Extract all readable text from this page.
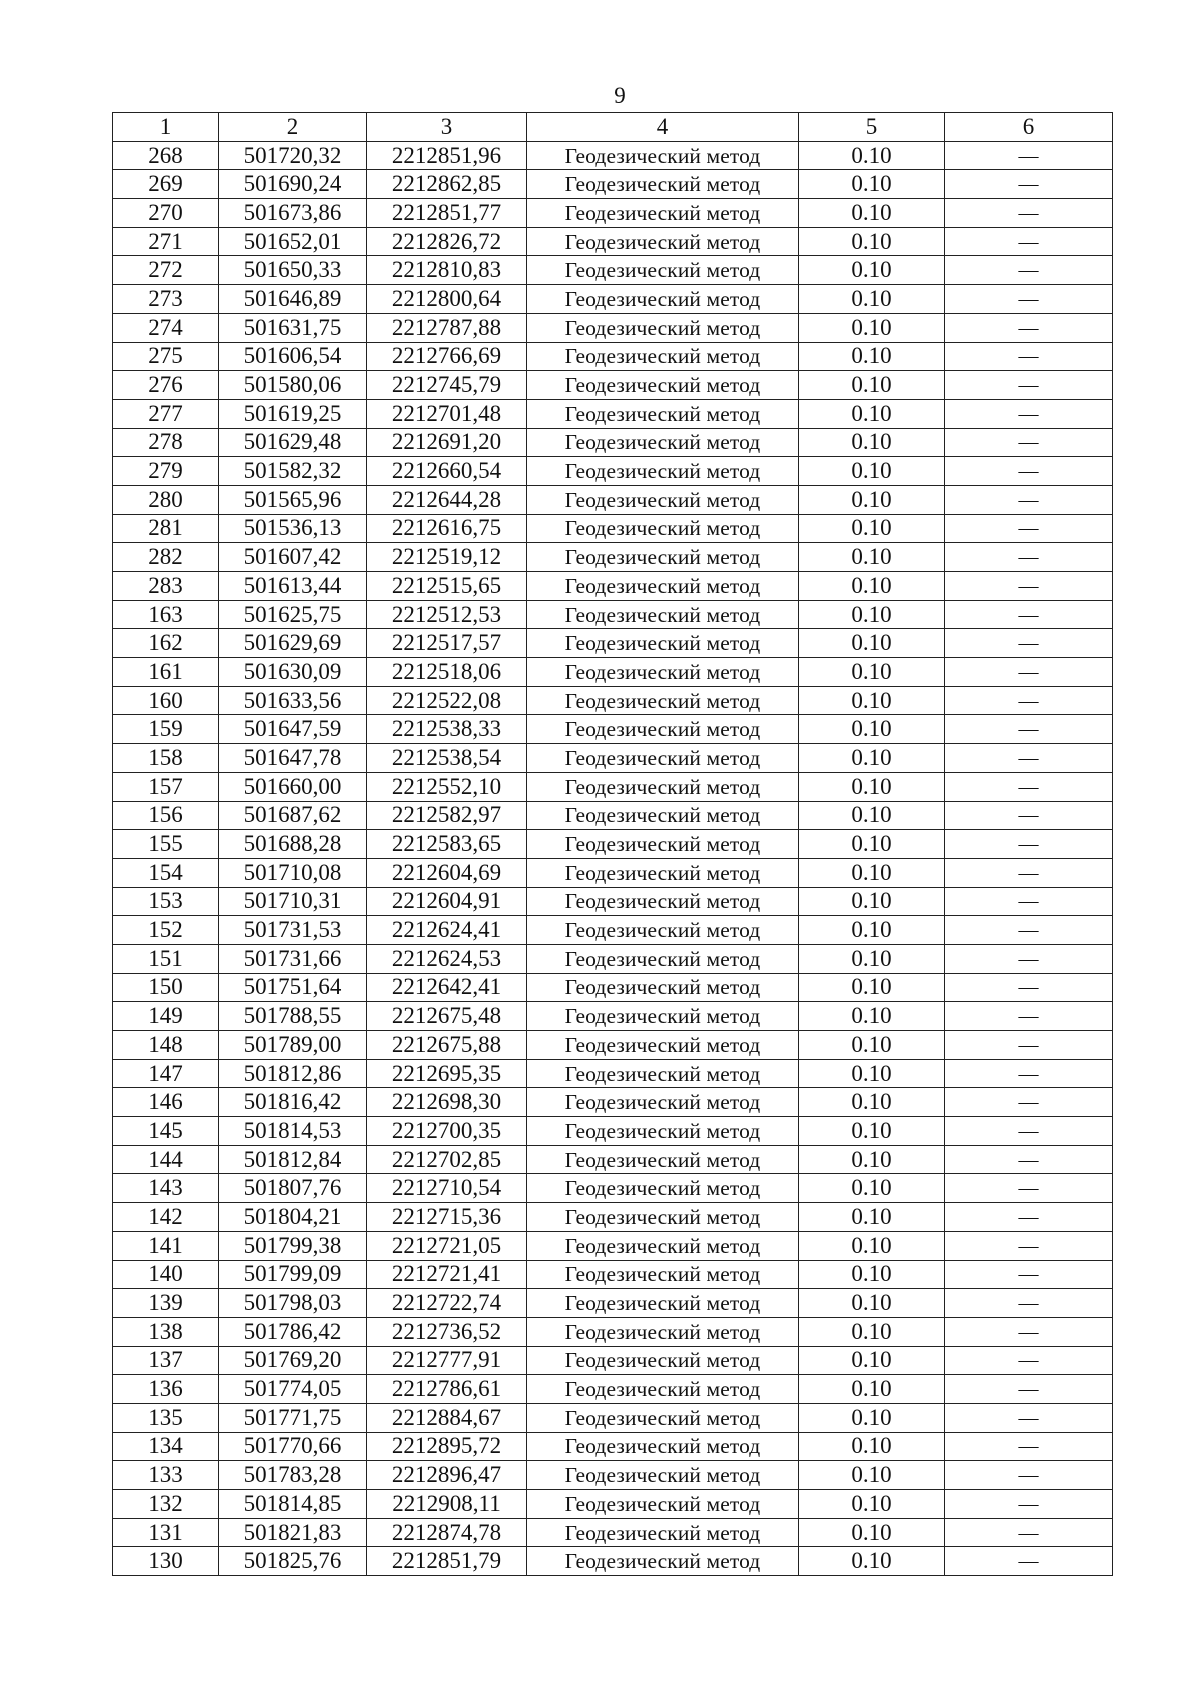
9
1	2	3	4	5	6
268	501720,32	2212851,96	Геодезический метод	0.10	—
269	501690,24	2212862,85	Геодезический метод	0.10	—
270	501673,86	2212851,77	Геодезический метод	0.10	—
271	501652,01	2212826,72	Геодезический метод	0.10	—
272	501650,33	2212810,83	Геодезический метод	0.10	—
273	501646,89	2212800,64	Геодезический метод	0.10	—
274	501631,75	2212787,88	Геодезический метод	0.10	—
275	501606,54	2212766,69	Геодезический метод	0.10	—
276	501580,06	2212745,79	Геодезический метод	0.10	—
277	501619,25	2212701,48	Геодезический метод	0.10	—
278	501629,48	2212691,20	Геодезический метод	0.10	—
279	501582,32	2212660,54	Геодезический метод	0.10	—
280	501565,96	2212644,28	Геодезический метод	0.10	—
281	501536,13	2212616,75	Геодезический метод	0.10	—
282	501607,42	2212519,12	Геодезический метод	0.10	—
283	501613,44	2212515,65	Геодезический метод	0.10	—
163	501625,75	2212512,53	Геодезический метод	0.10	—
162	501629,69	2212517,57	Геодезический метод	0.10	—
161	501630,09	2212518,06	Геодезический метод	0.10	—
160	501633,56	2212522,08	Геодезический метод	0.10	—
159	501647,59	2212538,33	Геодезический метод	0.10	—
158	501647,78	2212538,54	Геодезический метод	0.10	—
157	501660,00	2212552,10	Геодезический метод	0.10	—
156	501687,62	2212582,97	Геодезический метод	0.10	—
155	501688,28	2212583,65	Геодезический метод	0.10	—
154	501710,08	2212604,69	Геодезический метод	0.10	—
153	501710,31	2212604,91	Геодезический метод	0.10	—
152	501731,53	2212624,41	Геодезический метод	0.10	—
151	501731,66	2212624,53	Геодезический метод	0.10	—
150	501751,64	2212642,41	Геодезический метод	0.10	—
149	501788,55	2212675,48	Геодезический метод	0.10	—
148	501789,00	2212675,88	Геодезический метод	0.10	—
147	501812,86	2212695,35	Геодезический метод	0.10	—
146	501816,42	2212698,30	Геодезический метод	0.10	—
145	501814,53	2212700,35	Геодезический метод	0.10	—
144	501812,84	2212702,85	Геодезический метод	0.10	—
143	501807,76	2212710,54	Геодезический метод	0.10	—
142	501804,21	2212715,36	Геодезический метод	0.10	—
141	501799,38	2212721,05	Геодезический метод	0.10	—
140	501799,09	2212721,41	Геодезический метод	0.10	—
139	501798,03	2212722,74	Геодезический метод	0.10	—
138	501786,42	2212736,52	Геодезический метод	0.10	—
137	501769,20	2212777,91	Геодезический метод	0.10	—
136	501774,05	2212786,61	Геодезический метод	0.10	—
135	501771,75	2212884,67	Геодезический метод	0.10	—
134	501770,66	2212895,72	Геодезический метод	0.10	—
133	501783,28	2212896,47	Геодезический метод	0.10	—
132	501814,85	2212908,11	Геодезический метод	0.10	—
131	501821,83	2212874,78	Геодезический метод	0.10	—
130	501825,76	2212851,79	Геодезический метод	0.10	—
